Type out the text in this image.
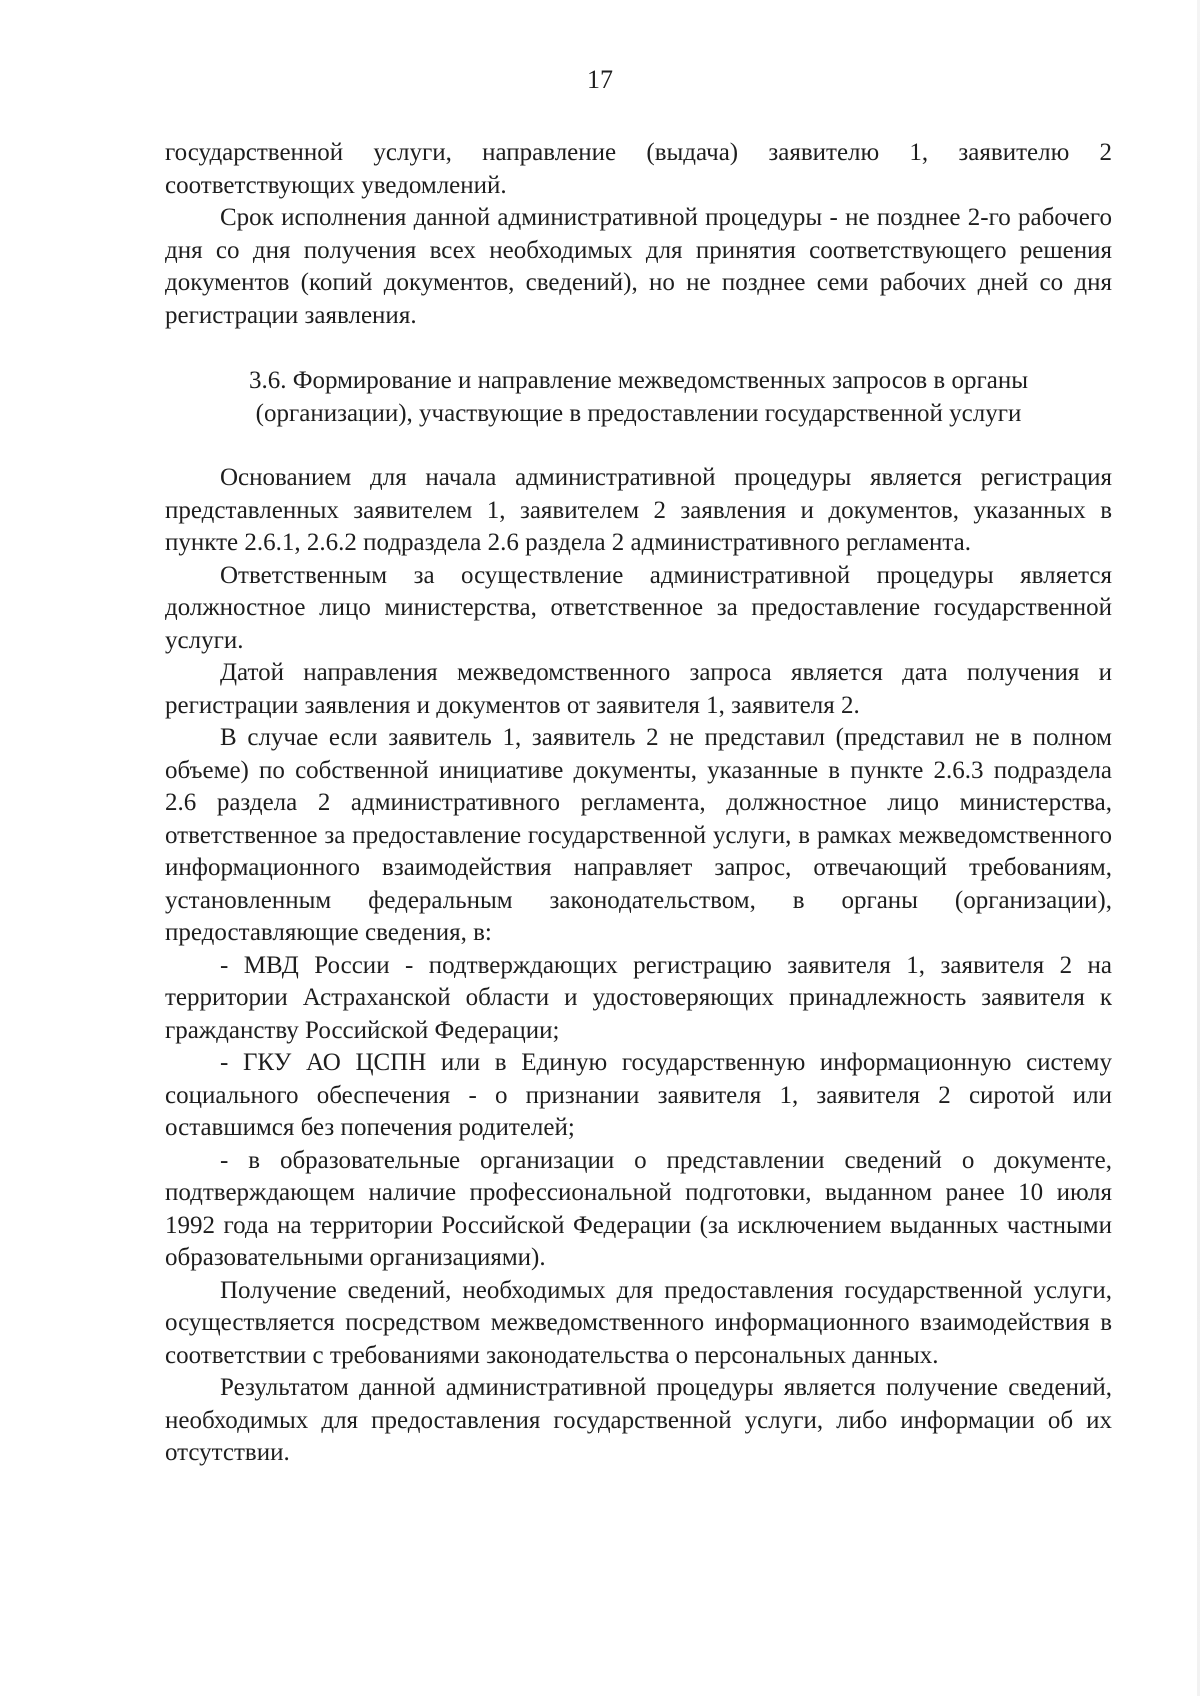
17

государственной услуги, направление (выдача) заявителю 1, заявителю 2 соответствующих уведомлений.

Срок исполнения данной административной процедуры - не позднее 2-го рабочего дня со дня получения всех необходимых для принятия соответствующего решения документов (копий документов, сведений), но не позднее семи рабочих дней со дня регистрации заявления.

3.6. Формирование и направление межведомственных запросов в органы
(организации), участвующие в предоставлении государственной услуги

Основанием для начала административной процедуры является регистрация представленных заявителем 1, заявителем 2 заявления и документов, указанных в пункте 2.6.1, 2.6.2 подраздела 2.6 раздела 2 административного регламента.

Ответственным за осуществление административной процедуры является должностное лицо министерства, ответственное за предоставление государственной услуги.

Датой направления межведомственного запроса является дата получения и регистрации заявления и документов от заявителя 1, заявителя 2.

В случае если заявитель 1, заявитель 2 не представил (представил не в полном объеме) по собственной инициативе документы, указанные в пункте 2.6.3 подраздела 2.6 раздела 2 административного регламента, должностное лицо министерства, ответственное за предоставление государственной услуги, в рамках межведомственного информационного взаимодействия направляет запрос, отвечающий требованиям, установленным федеральным законодательством, в органы (организации), предоставляющие сведения, в:

- МВД России - подтверждающих регистрацию заявителя 1, заявителя 2 на территории Астраханской области и удостоверяющих принадлежность заявителя к гражданству Российской Федерации;

- ГКУ АО ЦСПН или в Единую государственную информационную систему социального обеспечения - о признании заявителя 1, заявителя 2 сиротой или оставшимся без попечения родителей;

- в образовательные организации о представлении сведений о документе, подтверждающем наличие профессиональной подготовки, выданном ранее 10 июля 1992 года на территории Российской Федерации (за исключением выданных частными образовательными организациями).

Получение сведений, необходимых для предоставления государственной услуги, осуществляется посредством межведомственного информационного взаимодействия в соответствии с требованиями законодательства о персональных данных.

Результатом данной административной процедуры является получение сведений, необходимых для предоставления государственной услуги, либо информации об их отсутствии.
